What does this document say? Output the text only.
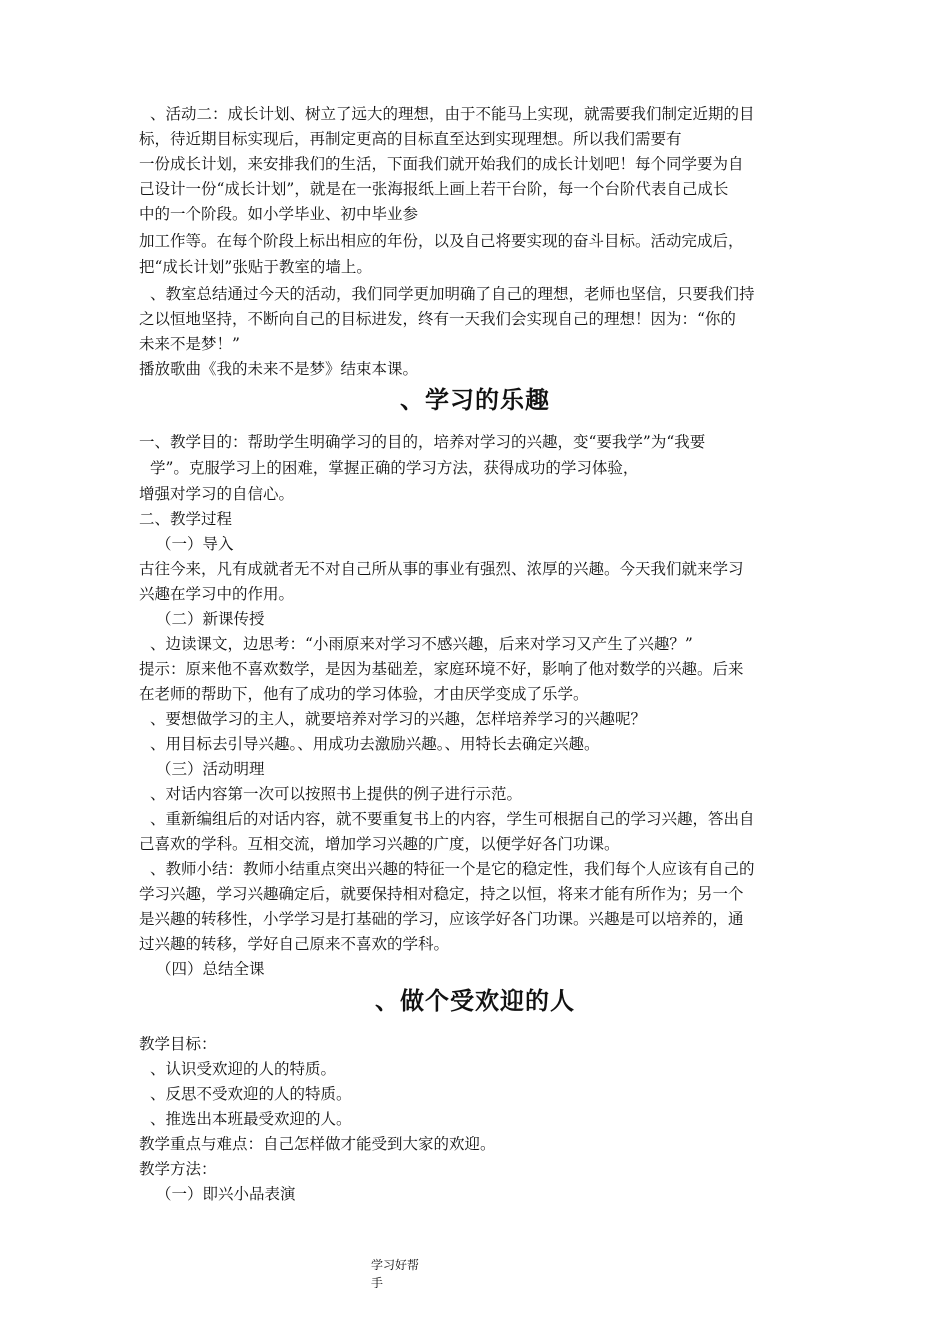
、活动二：成长计划、树立了远大的理想，由于不能马上实现，就需要我们制定近期的目
标，待近期目标实现后，再制定更高的目标直至达到实现理想。所以我们需要有
一份成长计划，来安排我们的生活，下面我们就开始我们的成长计划吧！每个同学要为自
己设计一份“成长计划”，就是在一张海报纸上画上若干台阶，每一个台阶代表自己成长
中的一个阶段。如小学毕业、初中毕业参
加工作等。在每个阶段上标出相应的年份，以及自己将要实现的奋斗目标。活动完成后，
把“成长计划”张贴于教室的墙上。
、教室总结通过今天的活动，我们同学更加明确了自己的理想，老师也坚信，只要我们持
之以恒地坚持，不断向自己的目标进发，终有一天我们会实现自己的理想！因为：“你的
未来不是梦！”
播放歌曲《我的未来不是梦》结束本课。
、学习的乐趣
一、教学目的：帮助学生明确学习的目的，培养对学习的兴趣，变“要我学”为“我要
学”。克服学习上的困难，掌握正确的学习方法，获得成功的学习体验，
增强对学习的自信心。
二、教学过程
（一）导入
古往今来，凡有成就者无不对自己所从事的事业有强烈、浓厚的兴趣。今天我们就来学习
兴趣在学习中的作用。
（二）新课传授
、边读课文，边思考：“小雨原来对学习不感兴趣，后来对学习又产生了兴趣？”
提示：原来他不喜欢数学，是因为基础差，家庭环境不好，影响了他对数学的兴趣。后来
在老师的帮助下，他有了成功的学习体验，才由厌学变成了乐学。
、要想做学习的主人，就要培养对学习的兴趣，怎样培养学习的兴趣呢？
、用目标去引导兴趣。、用成功去激励兴趣。、用特长去确定兴趣。
（三）活动明理
、对话内容第一次可以按照书上提供的例子进行示范。
、重新编组后的对话内容，就不要重复书上的内容，学生可根据自己的学习兴趣，答出自
己喜欢的学科。互相交流，增加学习兴趣的广度，以便学好各门功课。
、教师小结：教师小结重点突出兴趣的特征一个是它的稳定性，我们每个人应该有自己的
学习兴趣，学习兴趣确定后，就要保持相对稳定，持之以恒，将来才能有所作为；另一个
是兴趣的转移性，小学学习是打基础的学习，应该学好各门功课。兴趣是可以培养的，通
过兴趣的转移，学好自己原来不喜欢的学科。
（四）总结全课
、做个受欢迎的人
教学目标：
、认识受欢迎的人的特质。
、反思不受欢迎的人的特质。
、推选出本班最受欢迎的人。
教学重点与难点：自己怎样做才能受到大家的欢迎。
教学方法：
（一）即兴小品表演
学习好帮
手
